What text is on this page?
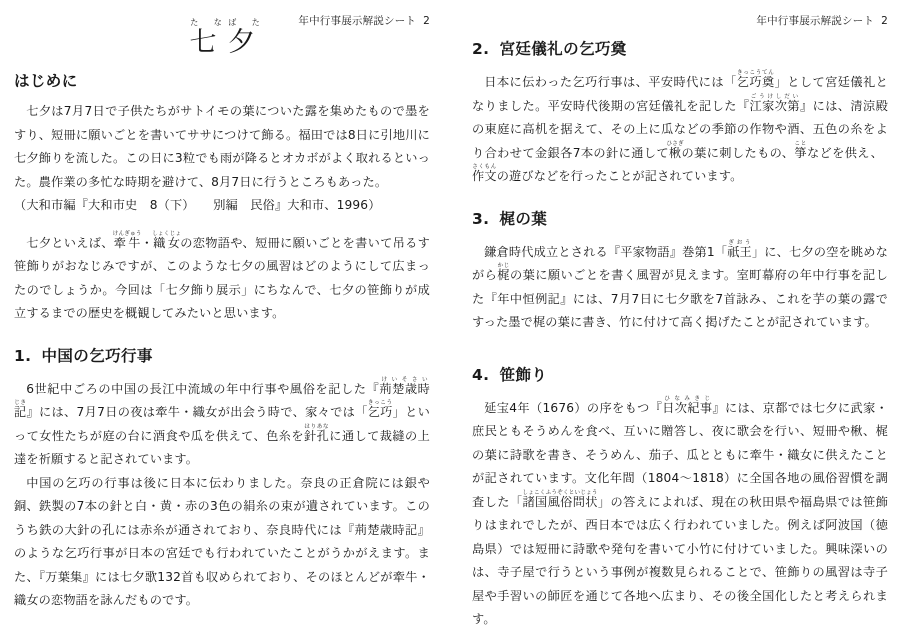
年中行事展示解説シート 2
七た な夕ば た
はじめに

七夕は7月7日で子供たちがサトイモの葉についた露を集めたもので墨をすり、短冊に願いごとを書いてササにつけて飾る。福田では8日に引地川に七夕飾りを流した。この日に3粒でも雨が降るとオカボがよく取れるといった。農作業の多忙な時期を避けて、8月7日に行うところもあった。

（大和市編『大和市史　8（下）　　別編　民俗』大和市、1996）

七夕といえば、牽牛けんぎゅう・織女しょくじょの恋物語や、短冊に願いごとを書いて吊るす笹飾りがおなじみですが、このような七夕の風習はどのようにして広まったのでしょうか。今回は「七夕飾り展示」にちなんで、七夕の笹飾りが成立するまでの歴史を概観してみたいと思います。

1. 中国の乞巧行事

6世紀中ごろの中国の長江中流域の年中行事や風俗を記した『荊楚歳時記けいそさいじき』には、7月7日の夜は牽牛・織女が出会う時で、家々では「乞巧きっこう」といって女性たちが庭の台に酒食や瓜を供えて、色糸を針孔はりあなに通して裁縫の上達を祈願すると記されています。

中国の乞巧の行事は後に日本に伝わりました。奈良の正倉院には銀や銅、鉄製の7本の針と白・黄・赤の3色の絹糸の束が遺されています。このうち鉄の大針の孔には赤糸が通されており、奈良時代には『荊楚歳時記』のような乞巧行事が日本の宮廷でも行われていたことがうかがえます。また、『万葉集』には七夕歌132首も収められており、そのほとんどが牽牛・織女の恋物語を詠んだものです。

年中行事展示解説シート 2
2. 宮廷儀礼の乞巧奠

日本に伝わった乞巧行事は、平安時代には「乞巧奠きっこうてん」として宮廷儀礼となりました。平安時代後期の宮廷儀礼を記した『江家次第ごうけしだい』には、清涼殿の東庭に高机を据えて、その上に瓜などの季節の作物や酒、五色の糸をより合わせて金銀各7本の針に通して楸ひさぎの葉に刺したもの、箏ことなどを供え、作文さくもんの遊びなどを行ったことが記されています。

3. 梶の葉

鎌倉時代成立とされる『平家物語』巻第1「祇王ぎおう」に、七夕の空を眺めながら梶かじの葉に願いごとを書く風習が見えます。室町幕府の年中行事を記した『年中恒例記』には、7月7日に七夕歌を7首詠み、これを芋の葉の露ですった墨で梶の葉に書き、竹に付けて高く掲げたことが記されています。

4. 笹飾り

延宝4年（1676）の序をもつ『日次紀事ひなみきじ』には、京都では七夕に武家・庶民ともそうめんを食べ、互いに贈答し、夜に歌会を行い、短冊や楸、梶の葉に詩歌を書き、そうめん、茄子、瓜とともに牽牛・織女に供えたことが記されています。文化年間（1804～1818）に全国各地の風俗習慣を調査した「諸国風俗問状しょこくふうぞくといじょう」の答えによれば、現在の秋田県や福島県では笹飾りはまれでしたが、西日本では広く行われていました。例えば阿波国（徳島県）では短冊に詩歌や発句を書いて小竹に付けていました。興味深いのは、寺子屋で行うという事例が複数見られることで、笹飾りの風習は寺子屋や手習いの師匠を通じて各地へ広まり、その後全国化したと考えられます。
